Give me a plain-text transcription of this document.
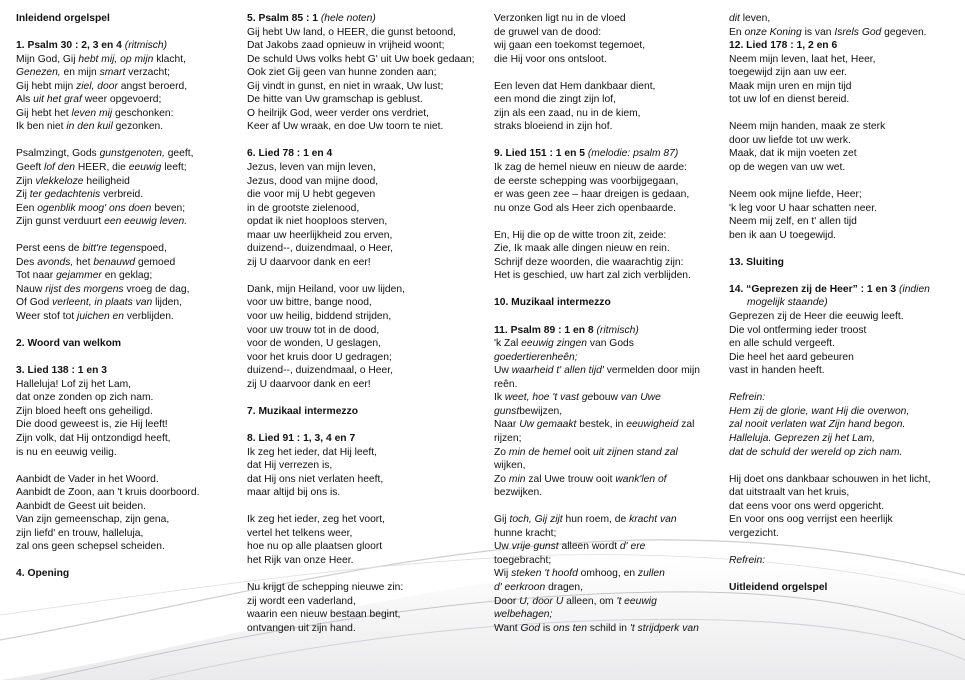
Inleidend orgelspel
1. Psalm 30 : 2, 3 en 4 (ritmisch)
Mijn God, Gij hebt mij, op mijn klacht,
Genezen, en mijn smart verzacht;
Gij hebt mijn ziel, door angst beroerd,
Als uit het graf weer opgevoerd;
Gij hebt het leven mij geschonken:
Ik ben niet in den kuil gezonken.
Psalmzingt, Gods gunstgenoten, geeft,
Geeft lof den HEER, die eeuwig leeft;
Zijn vlekkeloze heiligheid
Zij ter gedachtenis verbreid.
Een ogenblik moog' ons doen beven;
Zijn gunst verduurt een eeuwig leven.
Perst eens de bitt're tegenspoed,
Des avonds, het benauwd gemoed
Tot naar gejammer en geklag;
Nauw rijst des morgens vroeg de dag,
Of God verleent, in plaats van lijden,
Weer stof tot juichen en verblijden.
2. Woord van welkom
3. Lied 138 : 1 en 3
Halleluja! Lof zij het Lam,
dat onze zonden op zich nam.
Zijn bloed heeft ons geheiligd.
Die dood geweest is, zie Hij leeft!
Zijn volk, dat Hij ontzondigd heeft,
is nu en eeuwig veilig.
Aanbidt de Vader in het Woord.
Aanbidt de Zoon, aan 't kruis doorboord.
Aanbidt de Geest uit beiden.
Van zijn gemeenschap, zijn gena,
zijn liefd' en trouw, halleluja,
zal ons geen schepsel scheiden.
4. Opening
5. Psalm 85 : 1 (hele noten)
Gij hebt Uw land, o HEER, die gunst betoond,
Dat Jakobs zaad opnieuw in vrijheid woont;
De schuld Uws volks hebt G' uit Uw boek gedaan;
Ook ziet Gij geen van hunne zonden aan;
Gij vindt in gunst, en niet in wraak, Uw lust;
De hitte van Uw gramschap is geblust.
O heilrijk God, weer verder ons verdriet,
Keer af Uw wraak, en doe Uw toorn te niet.
6. Lied 78 : 1 en 4
Jezus, leven van mijn leven,
Jezus, dood van mijne dood,
die voor mij U hebt gegeven
in de grootste zielenood,
opdat ik niet hoopIoos sterven,
maar uw heerlijkheid zou erven,
duizend--, duizendmaal, o Heer,
zij U daarvoor dank en eer!
Dank, mijn Heiland, voor uw lijden,
voor uw bittre, bange nood,
voor uw heilig, biddend strijden,
voor uw trouw tot in de dood,
voor de wonden, U geslagen,
voor het kruis door U gedragen;
duizend--, duizendmaal, o Heer,
zij U daarvoor dank en eer!
7. Muzikaal intermezzo
8. Lied 91 : 1, 3, 4 en 7
Ik zeg het ieder, dat Hij leeft,
dat Hij verrezen is,
dat Hij ons niet verlaten heeft,
maar altijd bij ons is.
Ik zeg het ieder, zeg het voort,
vertel het telkens weer,
hoe nu op alle plaatsen gloort
het Rijk van onze Heer.
Nu krijgt de schepping nieuwe zin:
zij wordt een vaderland,
waarin een nieuw bestaan begint,
ontvangen uit zijn hand.
Verzonken ligt nu in de vloed
de gruwel van de dood:
wij gaan een toekomst tegemoet,
die Hij voor ons ontsloot.
Een leven dat Hem dankbaar dient,
een mond die zingt zijn lof,
zijn als een zaad, nu in de kiem,
straks bloeiend in zijn hof.
9. Lied 151 : 1 en 5 (melodie: psalm 87)
Ik zag de hemel nieuw en nieuw de aarde:
de eerste schepping was voorbijgegaan,
er was geen zee – haar dreigen is gedaan,
nu onze God als Heer zich openbaarde.
En, Hij die op de witte troon zit, zeide:
Zie, Ik maak alle dingen nieuw en rein.
Schrijf deze woorden, die waarachtig zijn:
Het is geschied, uw hart zal zich verblijden.
10. Muzikaal intermezzo
11. Psalm 89 : 1 en 8 (ritmisch)
'k Zal eeuwig zingen van Gods
goedertierenheên;
Uw waarheid t' allen tijd' vermelden door mijn
reên.
Ik weet, hoe 't vast gebouw van Uwe
gunstbewijzen,
Naar Uw gemaakt bestek, in eeuwigheid zal
rijzen;
Zo min de hemel ooit uit zijnen stand zal
wijken,
Zo min zal Uwe trouw ooit wank'len of
bezwijken.
Gij toch, Gij zijt hun roem, de kracht van
hunne kracht;
Uw vrije gunst alleen wordt d' ere
toegebracht;
Wij steken 't hoofd omhoog, en zullen
d' eerkroon dragen,
Door U, door U alleen, om 't eeuwig
welbehagen;
Want God is ons ten schild in 't strijdperk van
dit leven,
En onze Koning is van Isrels God gegeven.
12. Lied 178 : 1, 2 en 6
Neem mijn leven, laat het, Heer,
toegewijd zijn aan uw eer.
Maak mijn uren en mijn tijd
tot uw lof en dienst bereid.
Neem mijn handen, maak ze sterk
door uw liefde tot uw werk.
Maak, dat ik mijn voeten zet
op de wegen van uw wet.
Neem ook mijne liefde, Heer;
'k leg voor U haar schatten neer.
Neem mij zelf, en t' allen tijd
ben ik aan U toegewijd.
13. Sluiting
14. “Geprezen zij de Heer” : 1 en 3 (indien
mogelijk staande)
Geprezen zij de Heer die eeuwig leeft.
Die vol ontferming ieder troost
en alle schuld vergeeft.
Die heel het aard gebeuren
vast in handen heeft.
Refrein:
Hem zij de glorie, want Hij die overwon,
zal nooit verlaten wat Zijn hand begon.
Halleluja. Geprezen zij het Lam,
dat de schuld der wereld op zich nam.
Hij doet ons dankbaar schouwen in het licht,
dat uitstraalt van het kruis,
dat eens voor ons werd opgericht.
En voor ons oog verrijst een heerlijk
vergezicht.
Refrein:
Uitleidend orgelspel
